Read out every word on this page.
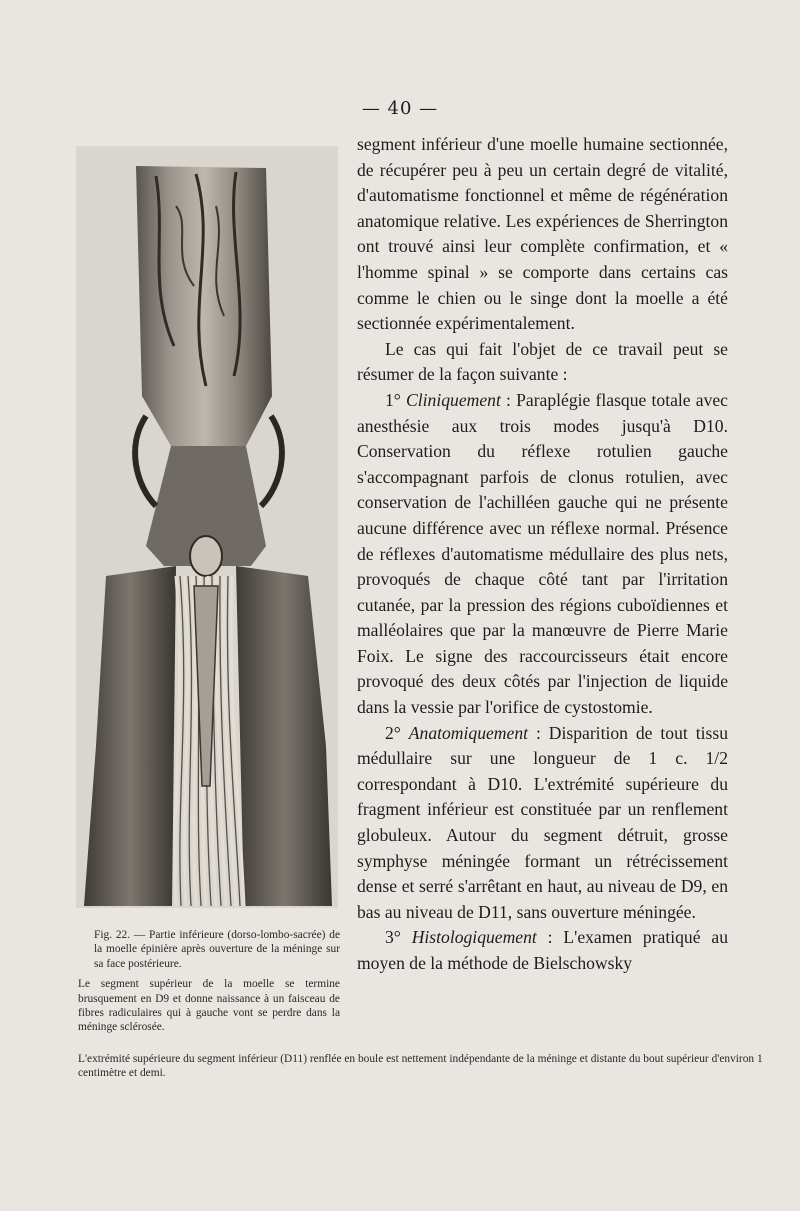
— 40 —

Fig. 22. — Partie inférieure (dorso-lombo-sacrée) de la moelle épinière après ouverture de la méninge sur sa face postérieure.

Le segment supérieur de la moelle se termine brusquement en D9 et donne naissance à un faisceau de fibres radiculaires qui à gauche vont se perdre dans la méninge sclérosée.

L'extrémité supérieure du segment inférieur (D11) renflée en boule est nettement indépendante de la méninge et distante du bout supérieur d'environ 1 centimètre et demi.

segment inférieur d'une moelle humaine sectionnée, de récupérer peu à peu un certain degré de vitalité, d'automatisme fonctionnel et même de régénération anatomique relative. Les expériences de Sherrington ont trouvé ainsi leur complète confirmation, et « l'homme spinal » se comporte dans certains cas comme le chien ou le singe dont la moelle a été sectionnée expérimentalement.

Le cas qui fait l'objet de ce travail peut se résumer de la façon suivante :

1° Cliniquement : Paraplégie flasque totale avec anesthésie aux trois modes jusqu'à D10. Conservation du réflexe rotulien gauche s'accompagnant parfois de clonus rotulien, avec conservation de l'achilléen gauche qui ne présente aucune différence avec un réflexe normal. Présence de réflexes d'automatisme médullaire des plus nets, provoqués de chaque côté tant par l'irritation cutanée, par la pression des régions cuboïdiennes et malléolaires que par la manœuvre de Pierre Marie Foix. Le signe des raccourcisseurs était encore provoqué des deux côtés par l'injection de liquide dans la vessie par l'orifice de cystostomie.

2° Anatomiquement : Disparition de tout tissu médullaire sur une longueur de 1 c. 1/2 correspondant à D10. L'extrémité supérieure du fragment inférieur est constituée par un renflement globuleux. Autour du segment détruit, grosse symphyse méningée formant un rétrécissement dense et serré s'arrêtant en haut, au niveau de D9, en bas au niveau de D11, sans ouverture méningée.

3° Histologiquement : L'examen pratiqué au moyen de la méthode de Bielschowsky
